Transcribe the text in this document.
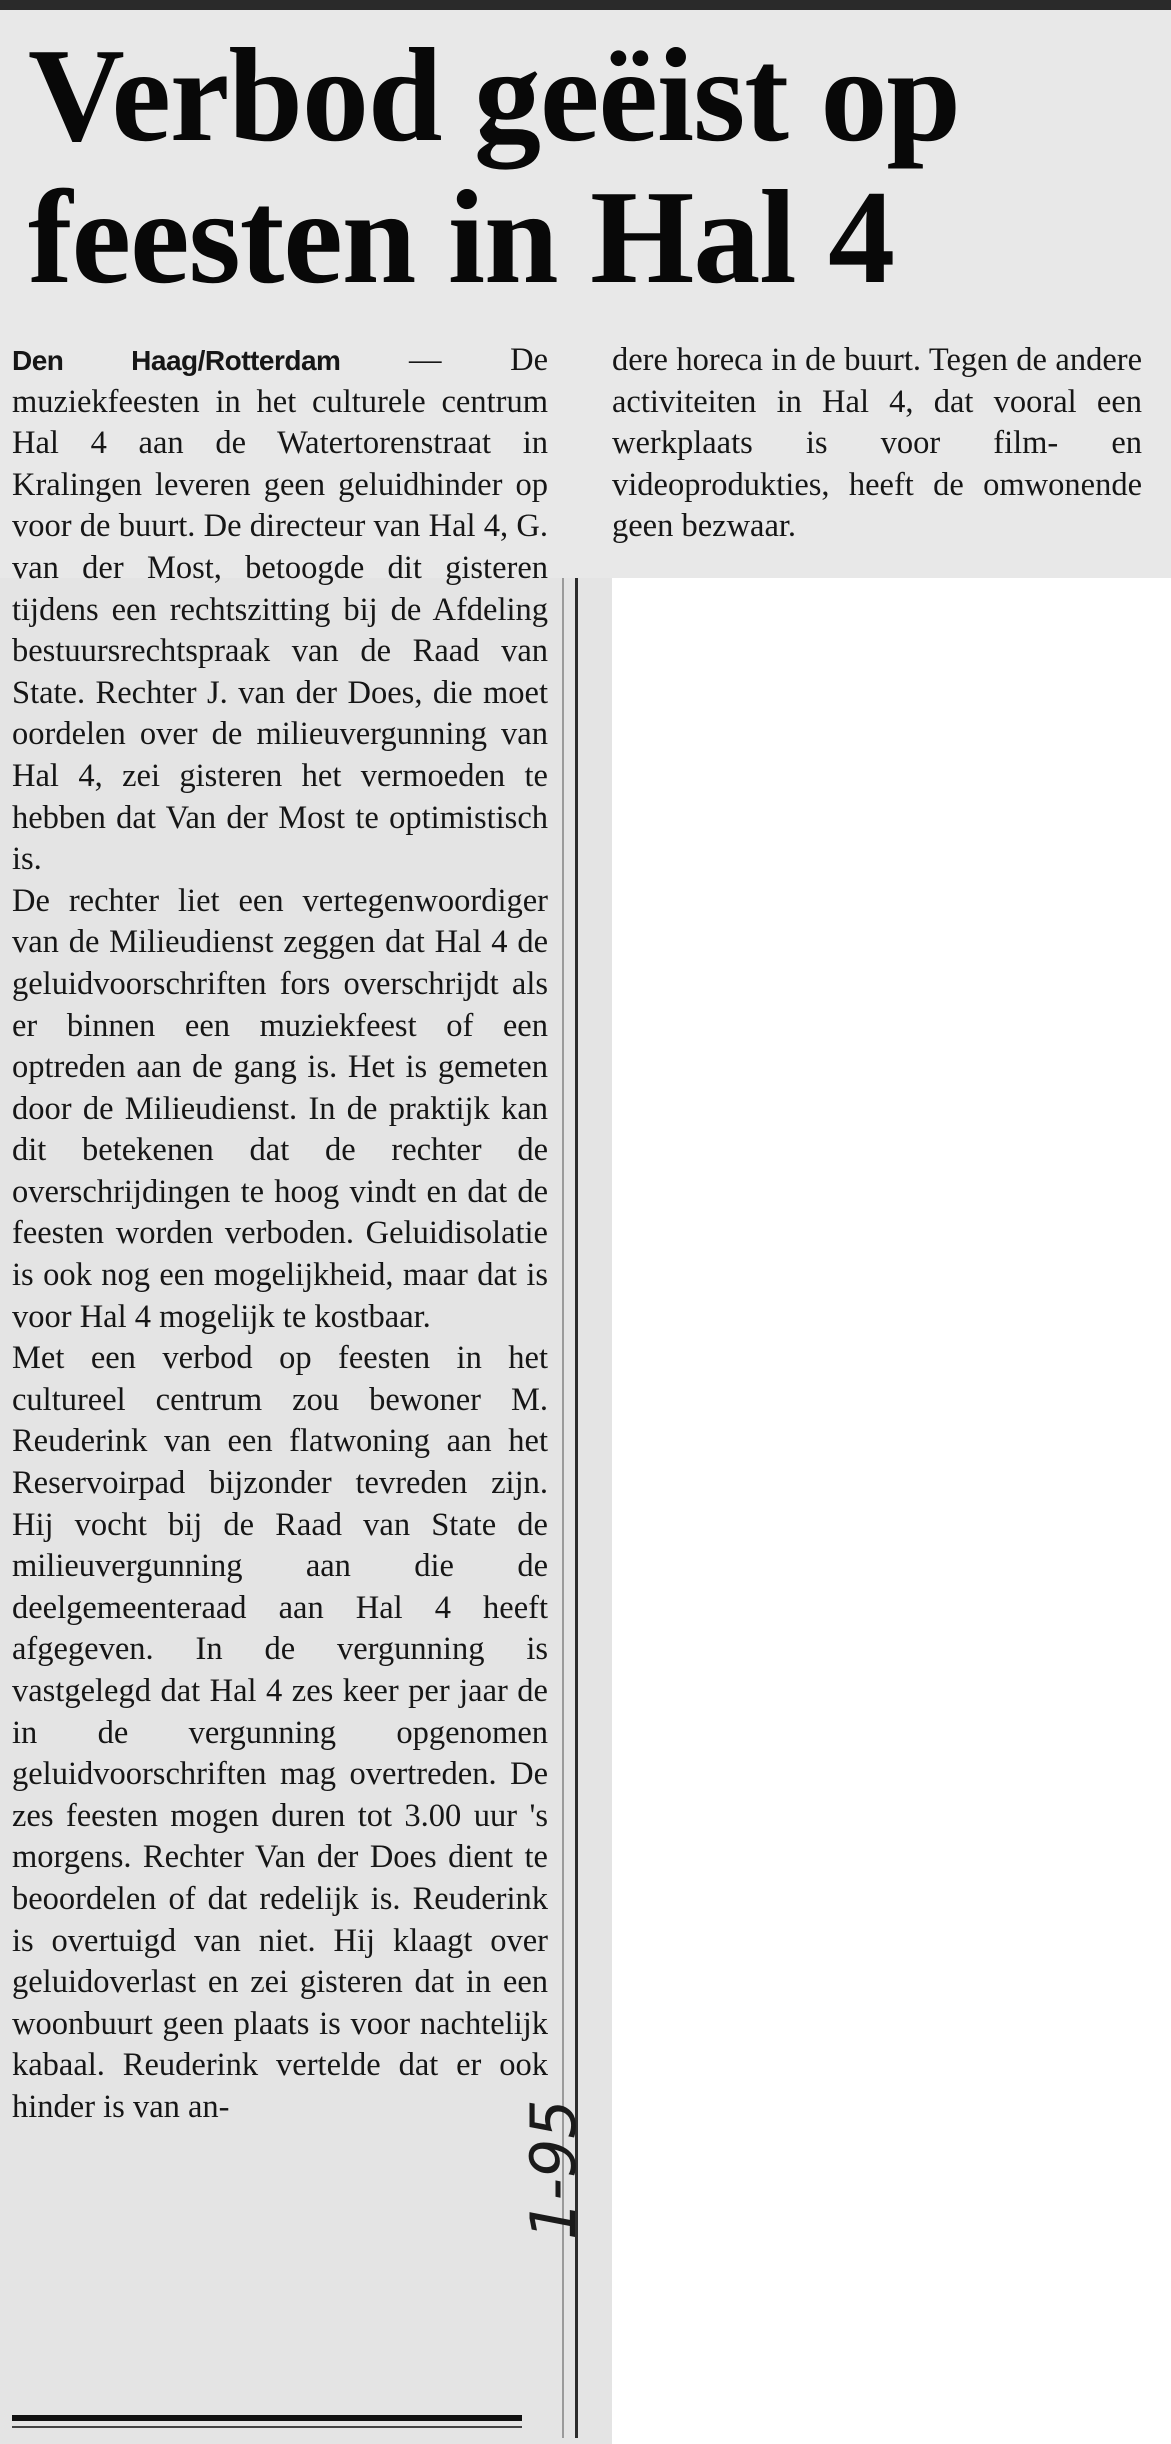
Verbod geëist op feesten in Hal 4

Den Haag/Rotterdam — De muziekfeesten in het culturele centrum Hal 4 aan de Watertorenstraat in Kralingen leveren geen geluidhinder op voor de buurt. De directeur van Hal 4, G. van der Most, betoogde dit gisteren tijdens een rechtszitting bij de Afdeling bestuursrechtspraak van de Raad van State. Rechter J. van der Does, die moet oordelen over de milieuvergunning van Hal 4, zei gisteren het vermoeden te hebben dat Van der Most te optimistisch is.

De rechter liet een vertegenwoordiger van de Milieudienst zeggen dat Hal 4 de geluidvoorschriften fors overschrijdt als er binnen een muziekfeest of een optreden aan de gang is. Het is gemeten door de Milieudienst. In de praktijk kan dit betekenen dat de rechter de overschrijdingen te hoog vindt en dat de feesten worden verboden. Geluidisolatie is ook nog een mogelijkheid, maar dat is voor Hal 4 mogelijk te kostbaar.

Met een verbod op feesten in het cultureel centrum zou bewoner M. Reuderink van een flatwoning aan het Reservoirpad bijzonder tevreden zijn. Hij vocht bij de Raad van State de milieuvergunning aan die de deelgemeenteraad aan Hal 4 heeft afgegeven. In de vergunning is vastgelegd dat Hal 4 zes keer per jaar de in de vergunning opgenomen geluidvoorschriften mag overtreden. De zes feesten mogen duren tot 3.00 uur 's morgens. Rechter Van der Does dient te beoordelen of dat redelijk is. Reuderink is overtuigd van niet. Hij klaagt over geluidoverlast en zei gisteren dat in een woonbuurt geen plaats is voor nachtelijk kabaal. Reuderink vertelde dat er ook hinder is van an-

dere horeca in de buurt. Tegen de andere activiteiten in Hal 4, dat vooral een werkplaats is voor film- en videoprodukties, heeft de omwonende geen bezwaar.

1-95
